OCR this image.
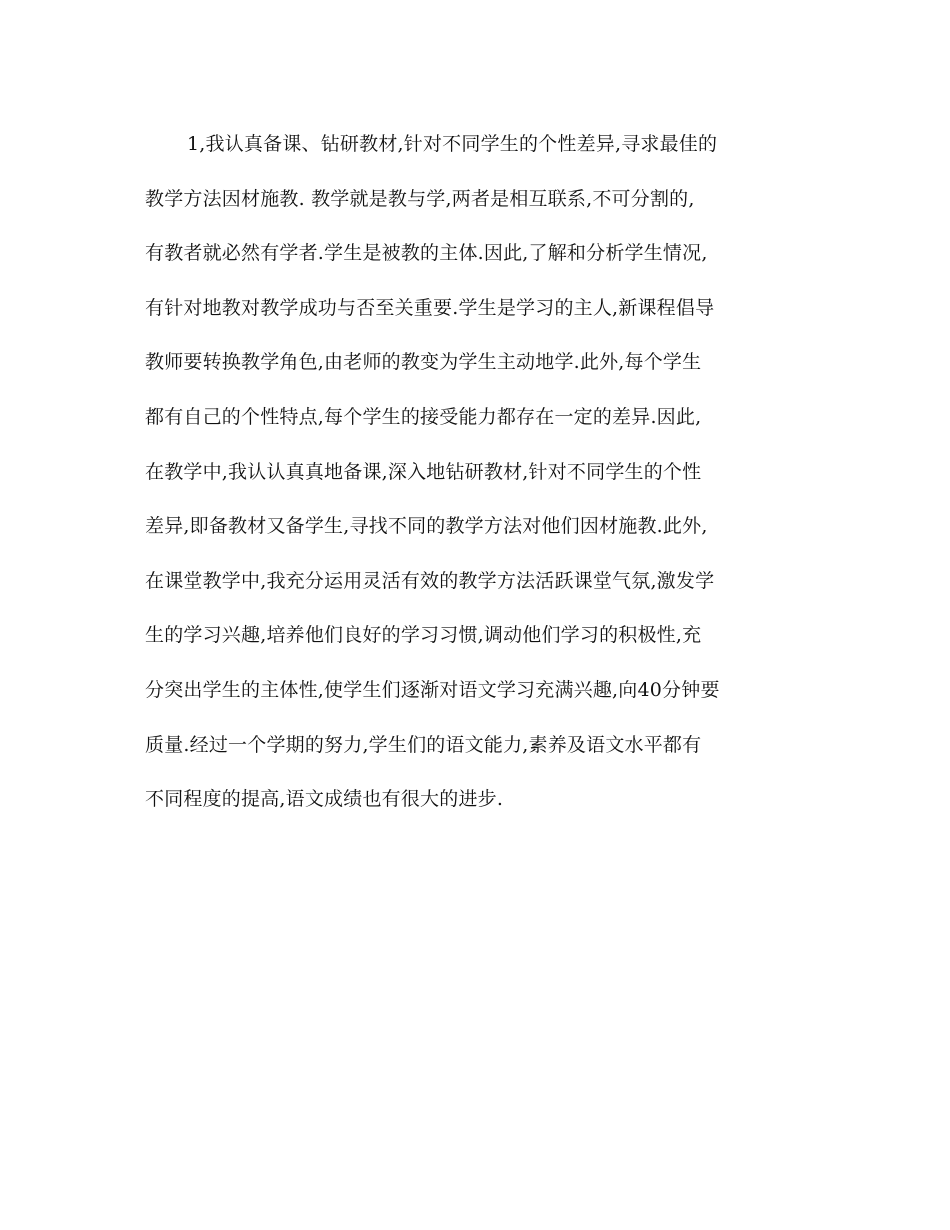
1,我认真备课、钻研教材,针对不同学生的个性差异,寻求最佳的
教学方法因材施教. 教学就是教与学,两者是相互联系,不可分割的,
有教者就必然有学者.学生是被教的主体.因此,了解和分析学生情况,
有针对地教对教学成功与否至关重要.学生是学习的主人,新课程倡导
教师要转换教学角色,由老师的教变为学生主动地学.此外,每个学生
都有自己的个性特点,每个学生的接受能力都存在一定的差异.因此,
在教学中,我认认真真地备课,深入地钻研教材,针对不同学生的个性
差异,即备教材又备学生,寻找不同的教学方法对他们因材施教.此外,
在课堂教学中,我充分运用灵活有效的教学方法活跃课堂气氛,激发学
生的学习兴趣,培养他们良好的学习习惯,调动他们学习的积极性,充
分突出学生的主体性,使学生们逐渐对语文学习充满兴趣,向40分钟要
质量.经过一个学期的努力,学生们的语文能力,素养及语文水平都有
不同程度的提高,语文成绩也有很大的进步.
